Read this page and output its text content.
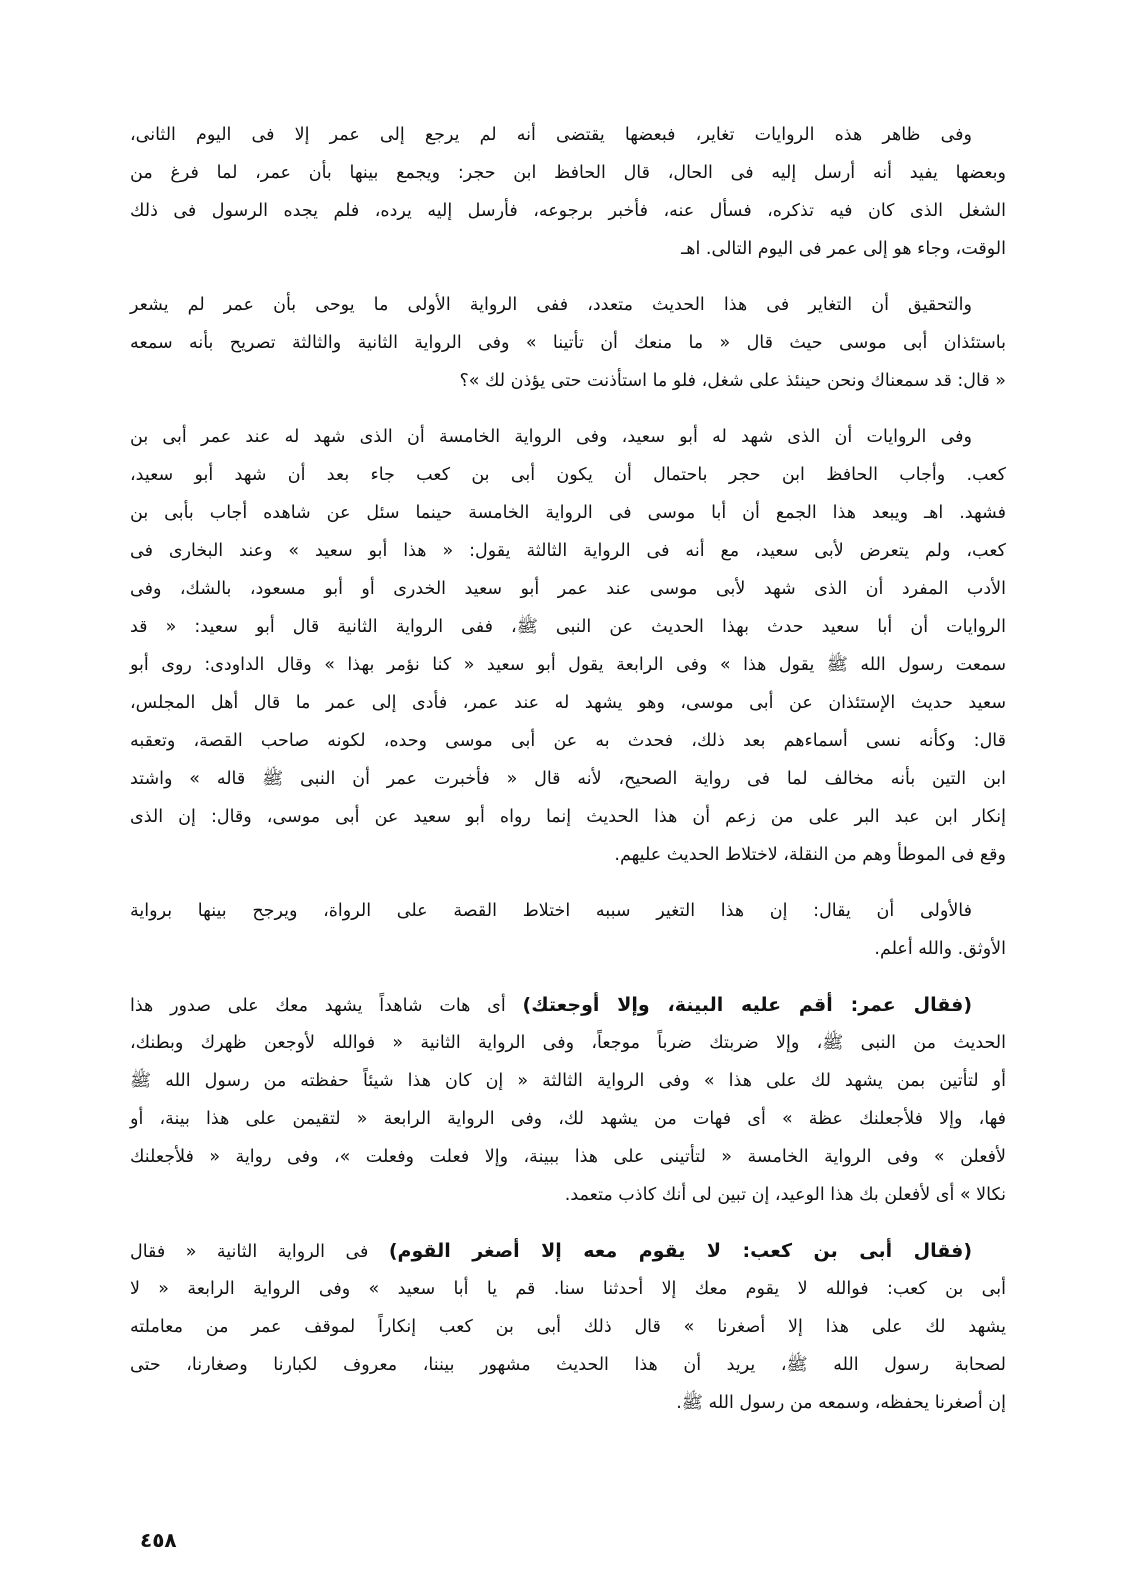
وفى ظاهر هذه الروايات تغاير، فبعضها يقتضى أنه لم يرجع إلى عمر إلا فى اليوم الثانى،
وبعضها يفيد أنه أرسل إليه فى الحال، قال الحافظ ابن حجر: ويجمع بينها بأن عمر، لما فرغ من
الشغل الذى كان فيه تذكره، فسأل عنه، فأخبر برجوعه، فأرسل إليه يرده، فلم يجده الرسول فى ذلك
الوقت، وجاء هو إلى عمر فى اليوم التالى. اهـ
والتحقيق أن التغاير فى هذا الحديث متعدد، ففى الرواية الأولى ما يوحى بأن عمر لم يشعر
باستئذان أبى موسى حيث قال « ما منعك أن تأتينا » وفى الرواية الثانية والثالثة تصريح بأنه سمعه
« قال: قد سمعناك ونحن حينئذ على شغل، فلو ما استأذنت حتى يؤذن لك »؟
وفى الروايات أن الذى شهد له أبو سعيد، وفى الرواية الخامسة أن الذى شهد له عند عمر أبى بن
كعب. وأجاب الحافظ ابن حجر باحتمال أن يكون أبى بن كعب جاء بعد أن شهد أبو سعيد،
فشهد. اهـ ويبعد هذا الجمع أن أبا موسى فى الرواية الخامسة حينما سئل عن شاهده أجاب بأبى بن
كعب، ولم يتعرض لأبى سعيد، مع أنه فى الرواية الثالثة يقول: « هذا أبو سعيد » وعند البخارى فى
الأدب المفرد أن الذى شهد لأبى موسى عند عمر أبو سعيد الخدرى أو أبو مسعود، بالشك، وفى
الروايات أن أبا سعيد حدث بهذا الحديث عن النبى ﷺ، ففى الرواية الثانية قال أبو سعيد: « قد
سمعت رسول الله ﷺ يقول هذا » وفى الرابعة يقول أبو سعيد « كنا نؤمر بهذا » وقال الداودى: روى أبو
سعيد حديث الإستئذان عن أبى موسى، وهو يشهد له عند عمر، فأدى إلى عمر ما قال أهل المجلس،
قال: وكأنه نسى أسماءهم بعد ذلك، فحدث به عن أبى موسى وحده، لكونه صاحب القصة، وتعقبه
ابن التين بأنه مخالف لما فى رواية الصحيح، لأنه قال « فأخبرت عمر أن النبى ﷺ قاله » واشتد
إنكار ابن عبد البر على من زعم أن هذا الحديث إنما رواه أبو سعيد عن أبى موسى، وقال: إن الذى
وقع فى الموطأ وهم من النقلة، لاختلاط الحديث عليهم.
فالأولى أن يقال: إن هذا التغير سببه اختلاط القصة على الرواة، ويرجح بينها برواية
الأوثق. والله أعلم.
(فقال عمر: أقم عليه البينة، وإلا أوجعتك) أى هات شاهداً يشهد معك على صدور هذا
الحديث من النبى ﷺ، وإلا ضربتك ضرباً موجعاً، وفى الرواية الثانية « فوالله لأوجعن ظهرك وبطنك،
أو لتأتين بمن يشهد لك على هذا » وفى الرواية الثالثة « إن كان هذا شيئاً حفظته من رسول الله ﷺ
فها، وإلا فلأجعلنك عظة » أى فهات من يشهد لك، وفى الرواية الرابعة « لتقيمن على هذا بينة، أو
لأفعلن » وفى الرواية الخامسة « لتأتينى على هذا ببينة، وإلا فعلت وفعلت »، وفى رواية « فلأجعلنك
نكالا » أى لأفعلن بك هذا الوعيد، إن تبين لى أنك كاذب متعمد.
(فقال أبى بن كعب: لا يقوم معه إلا أصغر القوم) فى الرواية الثانية « فقال
أبى بن كعب: فوالله لا يقوم معك إلا أحدثنا سنا. قم يا أبا سعيد » وفى الرواية الرابعة « لا
يشهد لك على هذا إلا أصغرنا » قال ذلك أبى بن كعب إنكاراً لموقف عمر من معاملته
لصحابة رسول الله ﷺ، يريد أن هذا الحديث مشهور بيننا، معروف لكبارنا وصغارنا، حتى
إن أصغرنا يحفظه، وسمعه من رسول الله ﷺ.
٤٥٨
